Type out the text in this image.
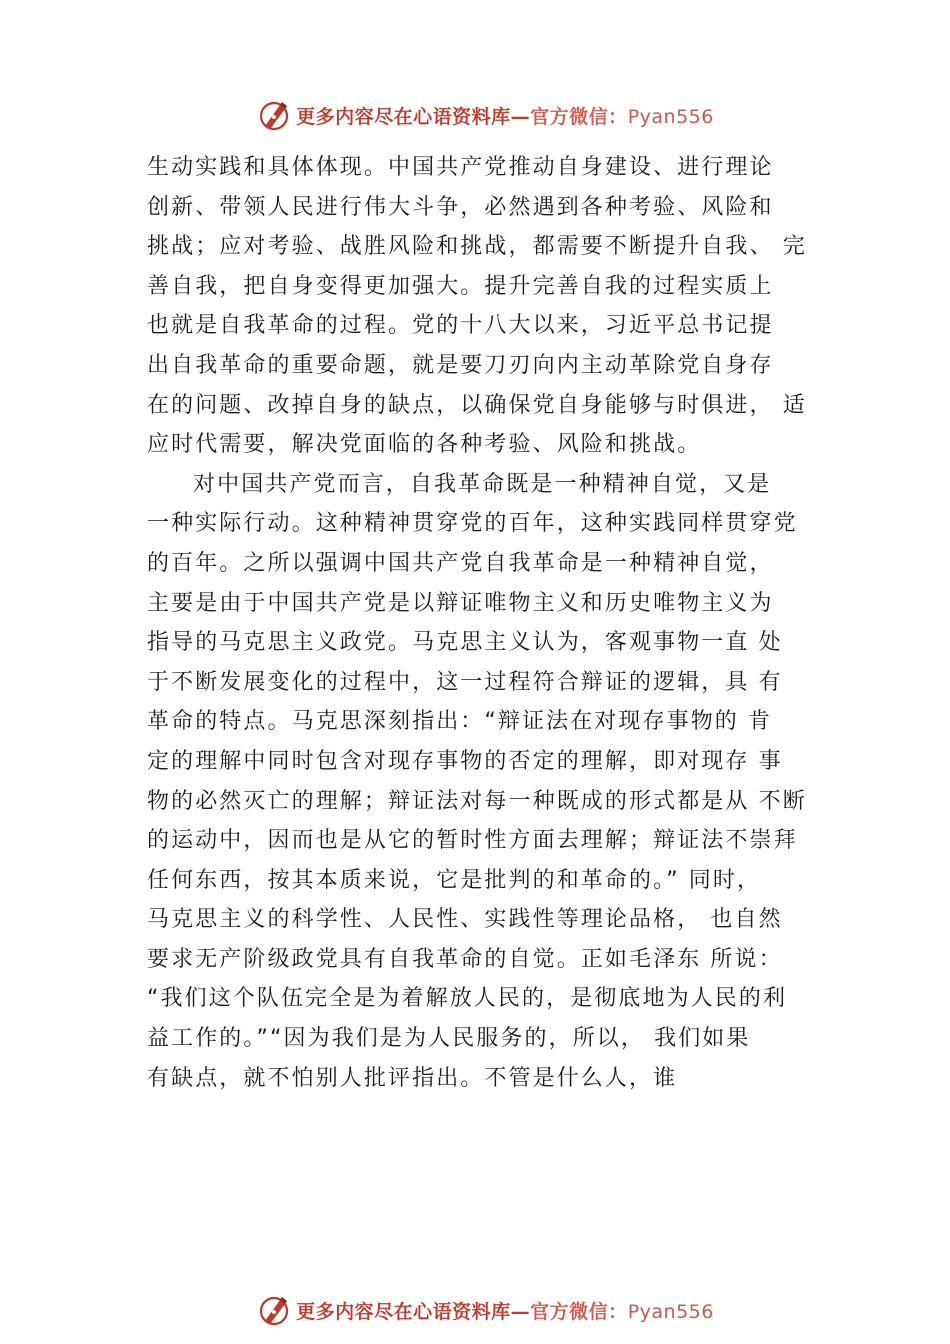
更多内容尽在心语资料库—官方微信：Pyan556
生动实践和具体体现。中国共产党推动自身建设、进行理论
创新、带领人民进行伟大斗争，必然遇到各种考验、风险和
挑战；应对考验、战胜风险和挑战，都需要不断提升自我、 完
善自我，把自身变得更加强大。提升完善自我的过程实质上
也就是自我革命的过程。党的十八大以来，习近平总书记提
出自我革命的重要命题，就是要刀刃向内主动革除党自身存
在的问题、改掉自身的缺点，以确保党自身能够与时俱进， 适
应时代需要，解决党面临的各种考验、风险和挑战。
对中国共产党而言，自我革命既是一种精神自觉，又是
一种实际行动。这种精神贯穿党的百年，这种实践同样贯穿党
的百年。之所以强调中国共产党自我革命是一种精神自觉，
主要是由于中国共产党是以辩证唯物主义和历史唯物主义为
指导的马克思主义政党。马克思主义认为，客观事物一直 处
于不断发展变化的过程中，这一过程符合辩证的逻辑，具 有
革命的特点。马克思深刻指出：“辩证法在对现存事物的 肯
定的理解中同时包含对现存事物的否定的理解，即对现存 事
物的必然灭亡的理解；辩证法对每一种既成的形式都是从 不断
的运动中，因而也是从它的暂时性方面去理解；辩证法不崇拜
任何东西，按其本质来说，它是批判的和革命的。” 同时，
马克思主义的科学性、人民性、实践性等理论品格， 也自然
要求无产阶级政党具有自我革命的自觉。正如毛泽东 所说：
“我们这个队伍完全是为着解放人民的，是彻底地为人民的利
益工作的。”“因为我们是为人民服务的，所以， 我们如果
有缺点，就不怕别人批评指出。不管是什么人，谁
更多内容尽在心语资料库—官方微信：Pyan556
